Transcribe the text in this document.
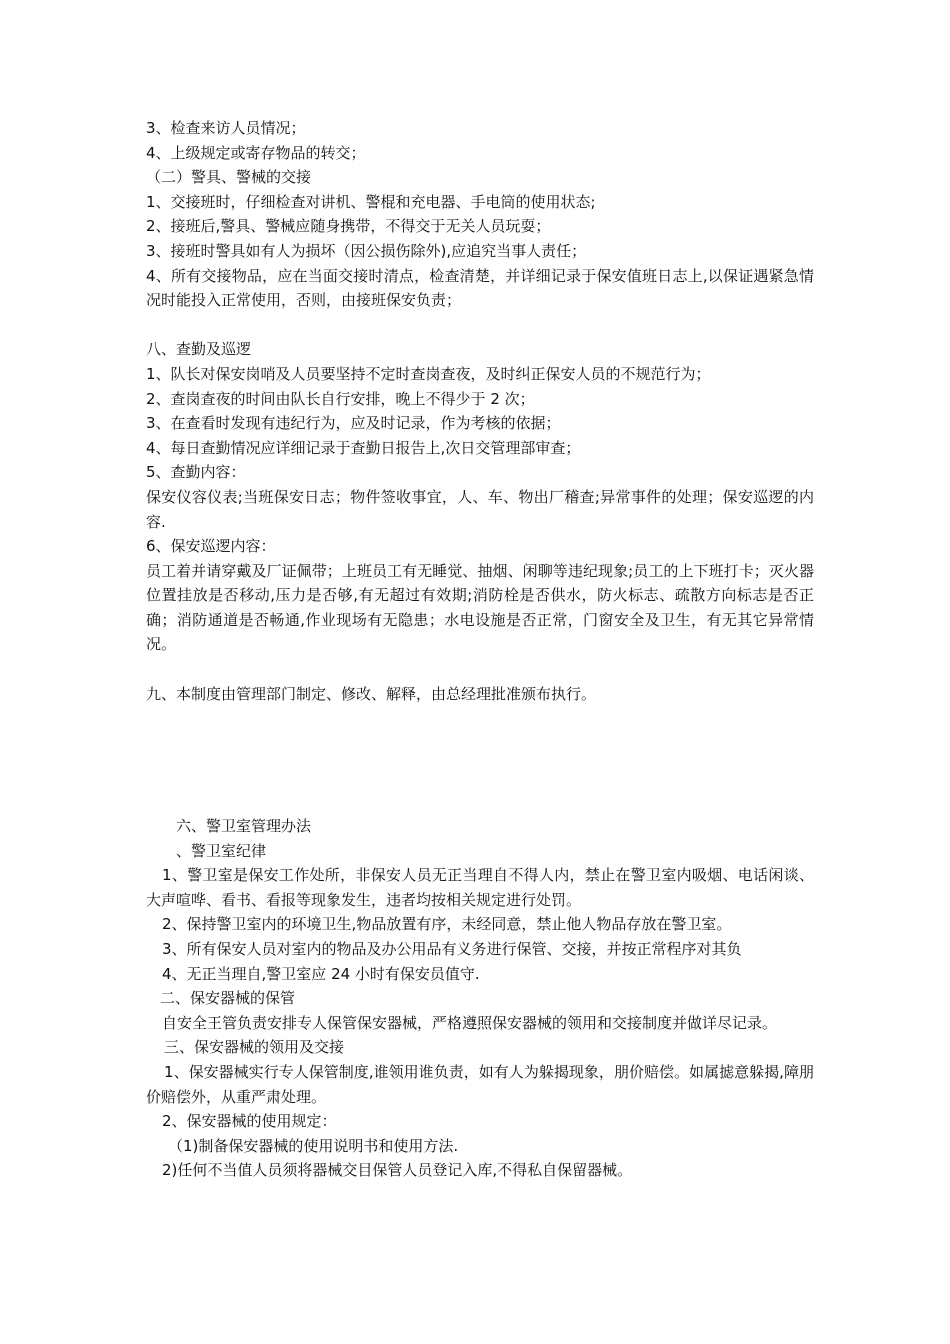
3、检查来访人员情况；
4、上级规定或寄存物品的转交；
（二）警具、警械的交接
1、交接班时，仔细检查对讲机、警棍和充电器、手电筒的使用状态;
2、接班后,警具、警械应随身携带，不得交于无关人员玩耍；
3、接班时警具如有人为损坏（因公损伤除外),应追究当事人责任；
4、所有交接物品，应在当面交接时清点，检查清楚，并详细记录于保安值班日志上,以保证遇紧急情况时能投入正常使用，否则，由接班保安负责；
八、查勤及巡逻
1、队长对保安岗哨及人员要坚持不定时查岗查夜，及时纠正保安人员的不规范行为；
2、查岗查夜的时间由队长自行安排，晚上不得少于 2 次；
3、在查看时发现有违纪行为，应及时记录，作为考核的依据；
4、每日查勤情况应详细记录于查勤日报告上,次日交管理部审查；
5、查勤内容：
保安仪容仪表;当班保安日志；物件签收事宜，人、车、物出厂稽查;异常事件的处理；保安巡逻的内容.
6、保安巡逻内容：
员工着并请穿戴及厂证佩带；上班员工有无睡觉、抽烟、闲聊等违纪现象;员工的上下班打卡；灭火器位置挂放是否移动,压力是否够,有无超过有效期;消防栓是否供水，防火标志、疏散方向标志是否正确；消防通道是否畅通,作业现场有无隐患；水电设施是否正常，门窗安全及卫生，有无其它异常情况。
九、本制度由管理部门制定、修改、解释，由总经理批准颁布执行。
六、警卫室管理办法
、警卫室纪律
1、警卫室是保安工作处所，非保安人员无正当理自不得人内，禁止在警卫室内吸烟、电话闲谈、大声喧哗、看书、看报等现象发生，违者均按相关规定进行处罚。
2、保持警卫室内的环境卫生,物品放置有序，未经同意，禁止他人物品存放在警卫室。
3、所有保安人员对室内的物品及办公用品有义务进行保管、交接，并按正常程序对其负
4、无正当理自,警卫室应 24 小时有保安员值守.
二、保安器械的保管
自安全王管负责安排专人保管保安器械，严格遵照保安器械的领用和交接制度并做详尽记录。
三、保安器械的领用及交接
1、保安器械实行专人保管制度,谁领用谁负责，如有人为躲揭现象，朋价赔偿。如属摅意躲揭,障朋价赔偿外，从重严肃处理。
2、保安器械的使用规定：
（1)制备保安器械的使用说明书和使用方法.
2)任何不当值人员须将器械交目保管人员登记入库,不得私自保留器械。
